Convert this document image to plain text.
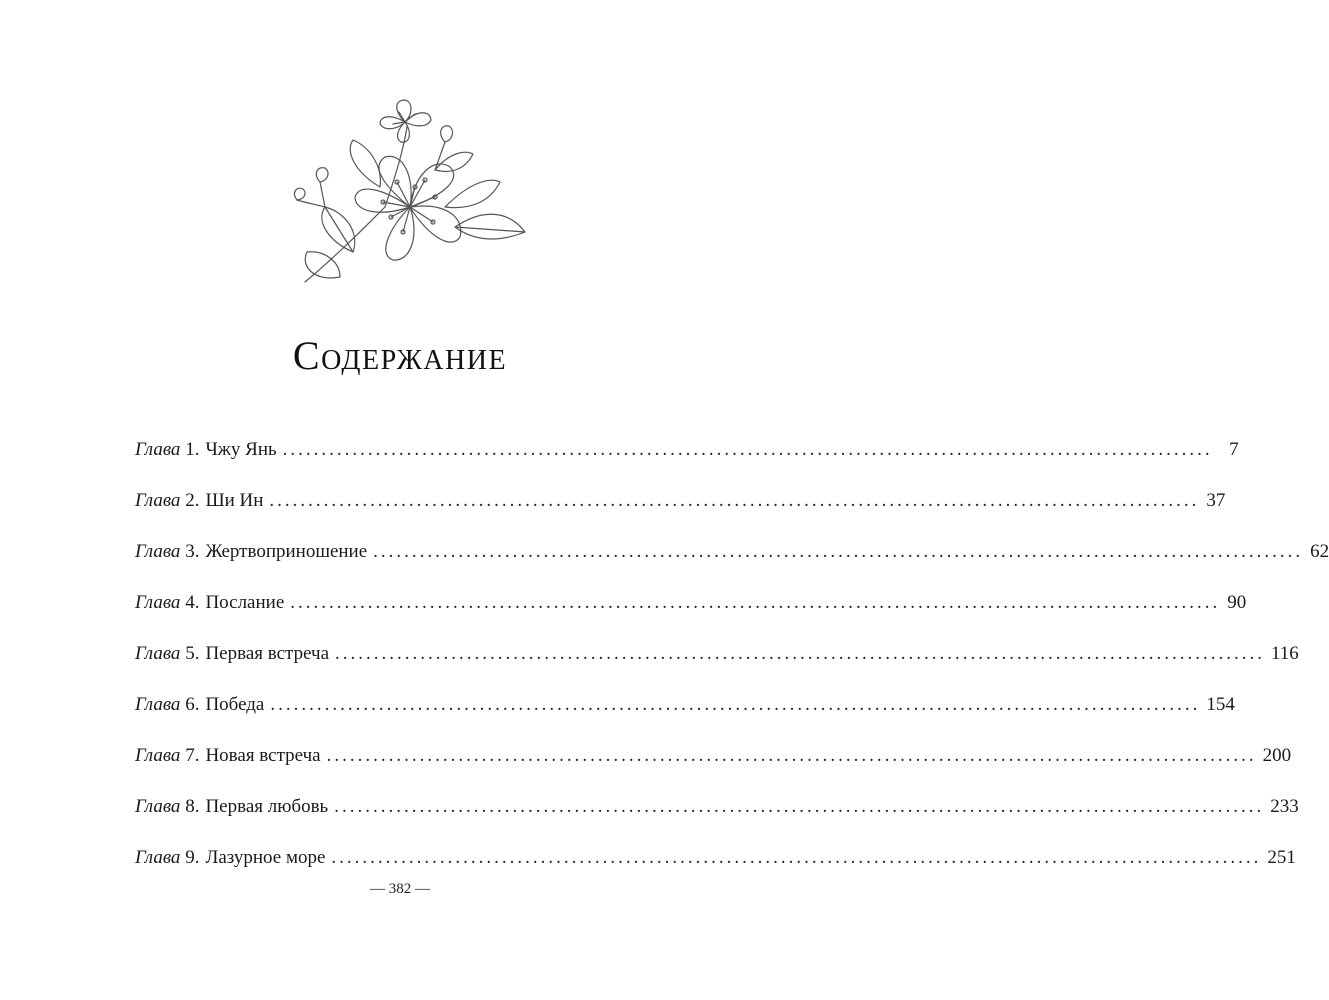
Содержание
Глава
1. Чжу Янь ........................................................................................................................ 7
Глава
2. Ши Ин ........................................................................................................................ 37
Глава
3. Жертвоприношение ........................................................................................................................ 62
Глава
4. Послание ........................................................................................................................ 90
Глава
5. Первая встреча ........................................................................................................................ 116
Глава
6. Победа ........................................................................................................................ 154
Глава
7. Новая встреча ........................................................................................................................ 200
Глава
8. Первая любовь ........................................................................................................................ 233
Глава
9. Лазурное море ........................................................................................................................ 251
— 382 —
